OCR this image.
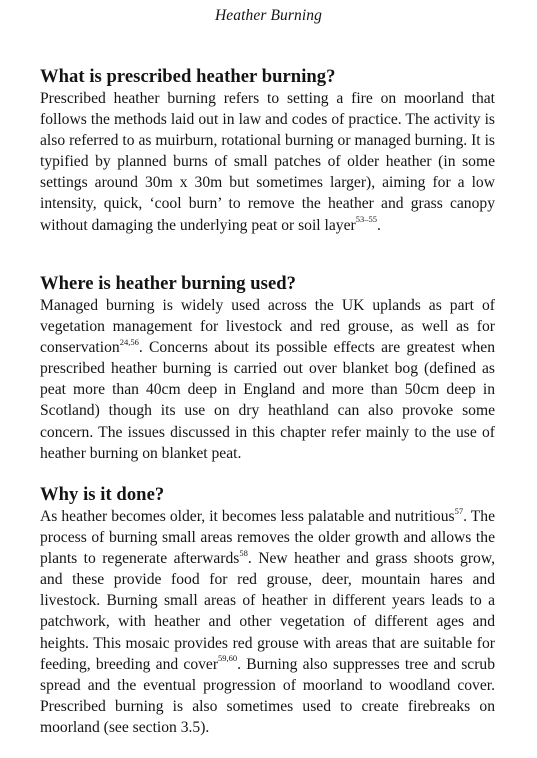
Heather Burning
What is prescribed heather burning?

Prescribed heather burning refers to setting a fire on moorland that follows the methods laid out in law and codes of practice. The activity is also referred to as muirburn, rotational burning or managed burning. It is typified by planned burns of small patches of older heather (in some settings around 30m x 30m but sometimes larger), aiming for a low intensity, quick, ‘cool burn’ to remove the heather and grass canopy without damaging the underlying peat or soil layer$^{53-55}$.

Where is heather burning used?

Managed burning is widely used across the UK uplands as part of vegetation management for livestock and red grouse, as well as for conservation$^{24,56}$. Concerns about its possible effects are greatest when prescribed heather burning is carried out over blanket bog (defined as peat more than 40cm deep in England and more than 50cm deep in Scotland) though its use on dry heathland can also provoke some concern. The issues discussed in this chapter refer mainly to the use of heather burning on blanket peat.

Why is it done?

As heather becomes older, it becomes less palatable and nutritious$^{57}$. The process of burning small areas removes the older growth and allows the plants to regenerate afterwards$^{58}$. New heather and grass shoots grow, and these provide food for red grouse, deer, mountain hares and livestock. Burning small areas of heather in different years leads to a patchwork, with heather and other vegetation of different ages and heights. This mosaic provides red grouse with areas that are suitable for feeding, breeding and cover$^{59,60}$. Burning also suppresses tree and scrub spread and the eventual progression of moorland to woodland cover. Prescribed burning is also sometimes used to create firebreaks on moorland (see section 3.5).
